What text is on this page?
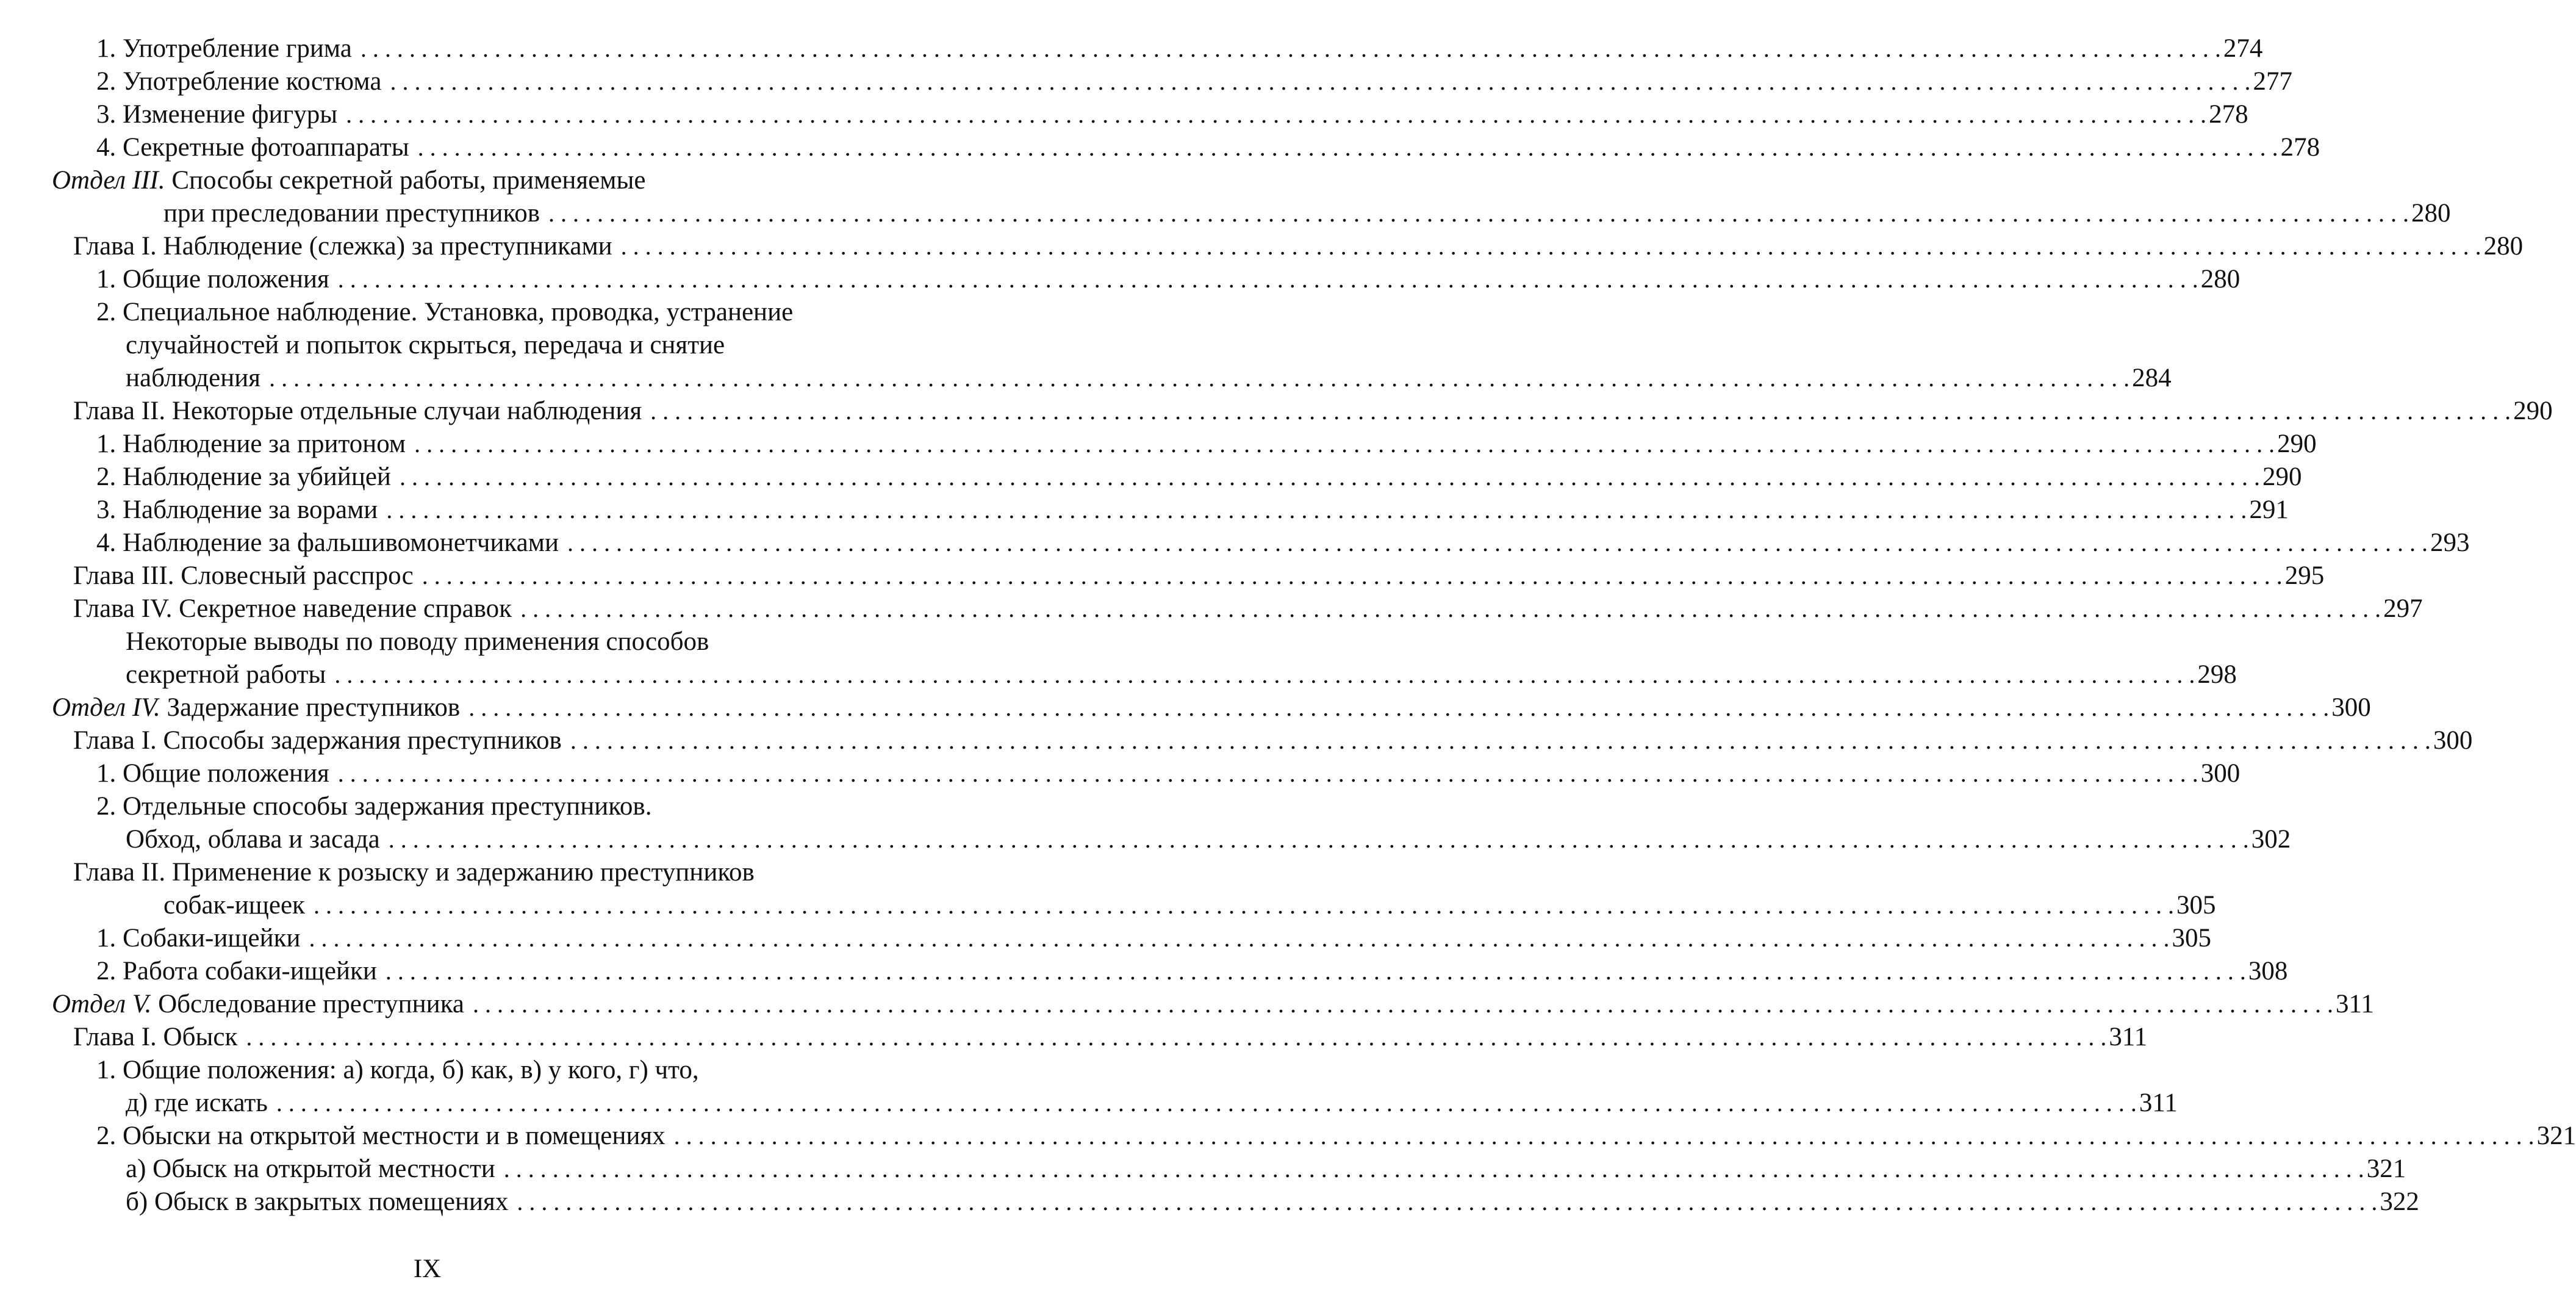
1. Употребление грима . . .	274
2. Употребление костюма . . .	277
3. Изменение фигуры . . .	278
4. Секретные фотоаппараты . . .	278
Отдел III. Способы секретной работы, применяемые
при преследовании преступников . . .	280
Глава I. Наблюдение (слежка) за преступниками . . .	280
1. Общие положения . . .	280
2. Специальное наблюдение. Установка, проводка, устранение
случайностей и попыток скрыться, передача и снятие
наблюдения . . .	284
Глава II. Некоторые отдельные случаи наблюдения . . .	290
1. Наблюдение за притоном . . .	290
2. Наблюдение за убийцей . . .	290
3. Наблюдение за ворами . . .	291
4. Наблюдение за фальшивомонетчиками . . .	293
Глава III. Словесный расспрос . . .	295
Глава IV. Секретное наведение справок . . .	297
Некоторые выводы по поводу применения способов
секретной работы . . .	298
Отдел IV. Задержание преступников . . .	300
Глава I. Способы задержания преступников . . .	300
1. Общие положения . . .	300
2. Отдельные способы задержания преступников.
Обход, облава и засада . . .	302
Глава II. Применение к розыску и задержанию преступников
собак-ищеек . . .	305
1. Собаки-ищейки . . .	305
2. Работа собаки-ищейки . . .	308
Отдел V. Обследование преступника . . .	311
Глава I. Обыск . . .	311
1. Общие положения: а) когда, б) как, в) у кого, г) что,
д) где искать . . .	311
2. Обыски на открытой местности и в помещениях . . .	321
а) Обыск на открытой местности . . .	321
б) Обыск в закрытых помещениях . . .	322
IX
